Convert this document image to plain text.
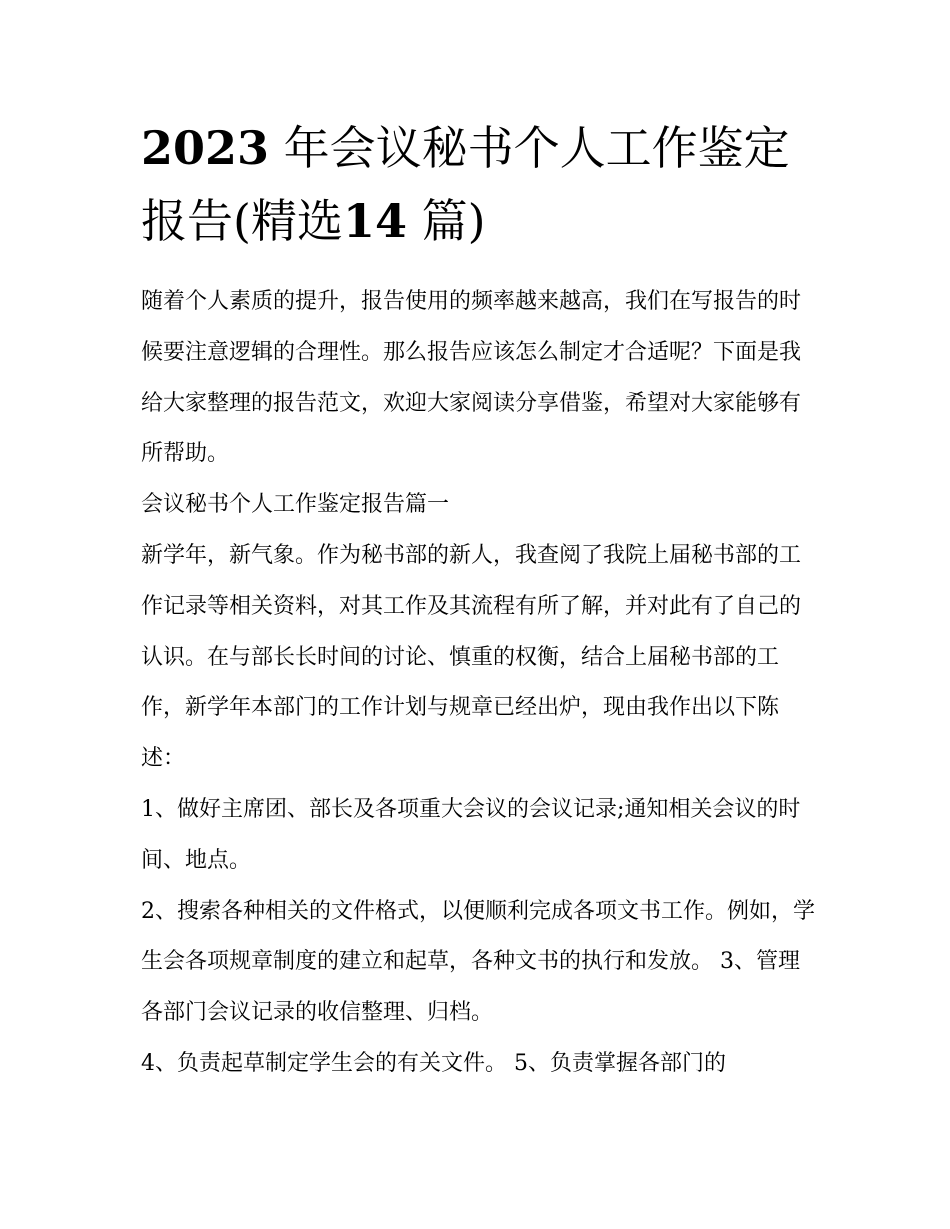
2023 年会议秘书个人工作鉴定
报告(精选14 篇)

随着个人素质的提升，报告使用的频率越来越高，我们在写报告的时候要注意逻辑的合理性。那么报告应该怎么制定才合适呢？下面是我给大家整理的报告范文，欢迎大家阅读分享借鉴，希望对大家能够有所帮助。

会议秘书个人工作鉴定报告篇一

新学年，新气象。作为秘书部的新人，我查阅了我院上届秘书部的工作记录等相关资料，对其工作及其流程有所了解，并对此有了自己的认识。在与部长长时间的讨论、慎重的权衡，结合上届秘书部的工作，新学年本部门的工作计划与规章已经出炉，现由我作出以下陈述：

1、做好主席团、部长及各项重大会议的会议记录;通知相关会议的时间、地点。

2、搜索各种相关的文件格式，以便顺利完成各项文书工作。例如，学生会各项规章制度的建立和起草，各种文书的执行和发放。 3、管理各部门会议记录的收信整理、归档。

4、负责起草制定学生会的有关文件。 5、负责掌握各部门的
